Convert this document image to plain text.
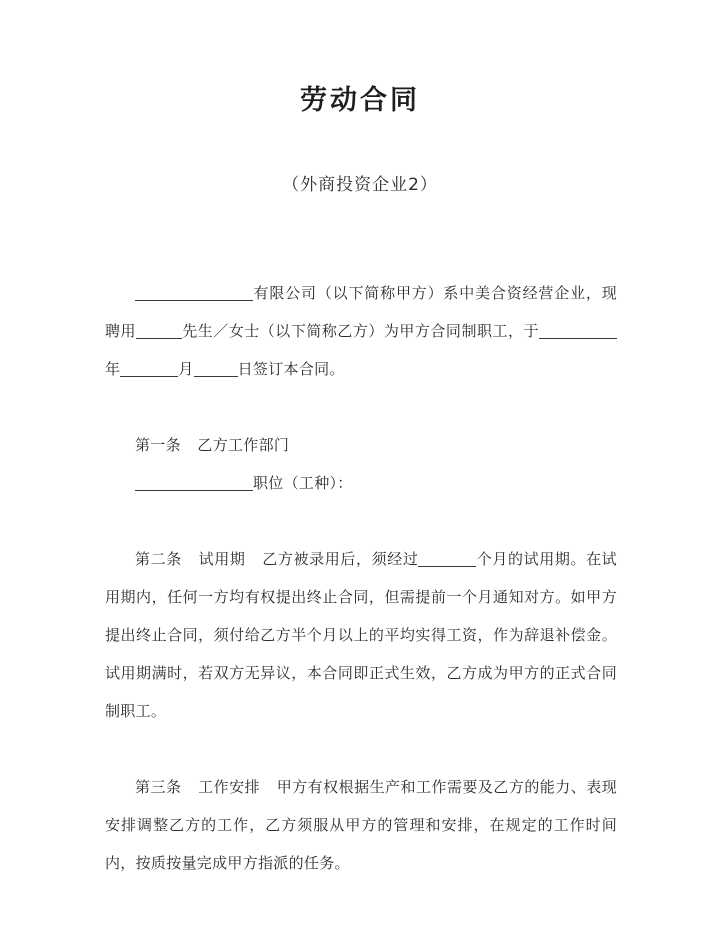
劳动合同
（外商投资企业2）

有限公司（以下简称甲方）系中美合资经营企业，现聘用	先生／女士（以下简称乙方）为甲方合同制职工，于年	月	日签订本合同。

第一条 乙方工作部门

职位（工种）：

第二条 试用期 乙方被录用后，须经过	个月的试用期。在试用期内，任何一方均有权提出终止合同，但需提前一个月通知对方。如甲方提出终止合同，须付给乙方半个月以上的平均实得工资，作为辞退补偿金。试用期满时，若双方无异议，本合同即正式生效，乙方成为甲方的正式合同制职工。

第三条 工作安排 甲方有权根据生产和工作需要及乙方的能力、表现安排调整乙方的工作，乙方须服从甲方的管理和安排，在规定的工作时间内，按质按量完成甲方指派的任务。
